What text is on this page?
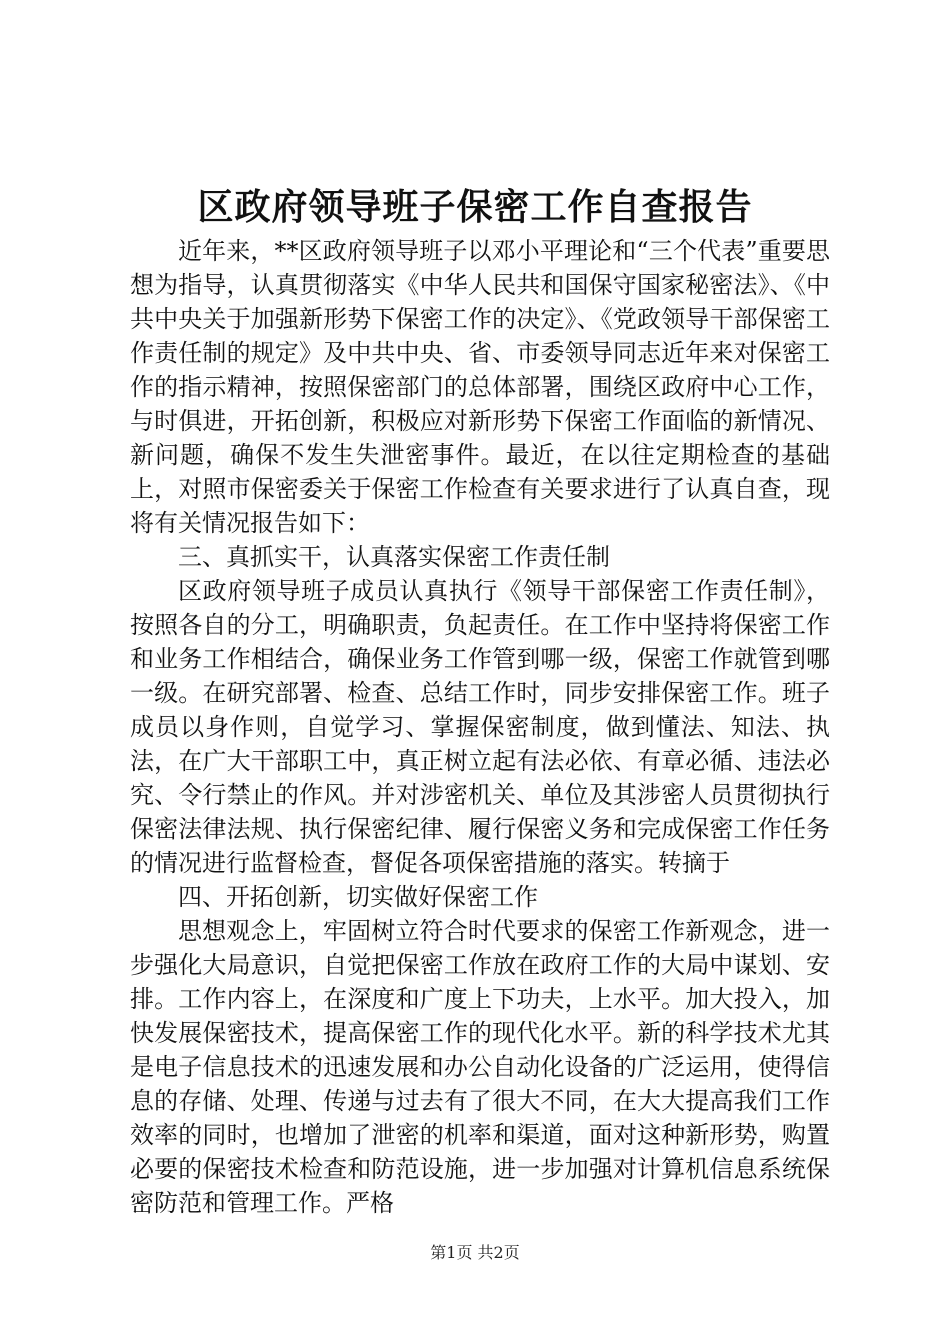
区政府领导班子保密工作自查报告

近年来，**区政府领导班子以邓小平理论和“三个代表”重要思想为指导，认真贯彻落实《中华人民共和国保守国家秘密法》、《中共中央关于加强新形势下保密工作的决定》、《党政领导干部保密工作责任制的规定》及中共中央、省、市委领导同志近年来对保密工作的指示精神，按照保密部门的总体部署，围绕区政府中心工作，与时俱进，开拓创新，积极应对新形势下保密工作面临的新情况、新问题，确保不发生失泄密事件。最近，在以往定期检查的基础上，对照市保密委关于保密工作检查有关要求进行了认真自查，现将有关情况报告如下：

三、真抓实干，认真落实保密工作责任制

区政府领导班子成员认真执行《领导干部保密工作责任制》，按照各自的分工，明确职责，负起责任。在工作中坚持将保密工作和业务工作相结合，确保业务工作管到哪一级，保密工作就管到哪一级。在研究部署、检查、总结工作时，同步安排保密工作。班子成员以身作则，自觉学习、掌握保密制度，做到懂法、知法、执法，在广大干部职工中，真正树立起有法必依、有章必循、违法必究、令行禁止的作风。并对涉密机关、单位及其涉密人员贯彻执行保密法律法规、执行保密纪律、履行保密义务和完成保密工作任务的情况进行监督检查，督促各项保密措施的落实。转摘于

四、开拓创新，切实做好保密工作

思想观念上，牢固树立符合时代要求的保密工作新观念，进一步强化大局意识，自觉把保密工作放在政府工作的大局中谋划、安排。工作内容上，在深度和广度上下功夫，上水平。加大投入，加快发展保密技术，提高保密工作的现代化水平。新的科学技术尤其是电子信息技术的迅速发展和办公自动化设备的广泛运用，使得信息的存储、处理、传递与过去有了很大不同，在大大提高我们工作效率的同时，也增加了泄密的机率和渠道，面对这种新形势，购置必要的保密技术检查和防范设施，进一步加强对计算机信息系统保密防范和管理工作。严格

第1页 共2页
